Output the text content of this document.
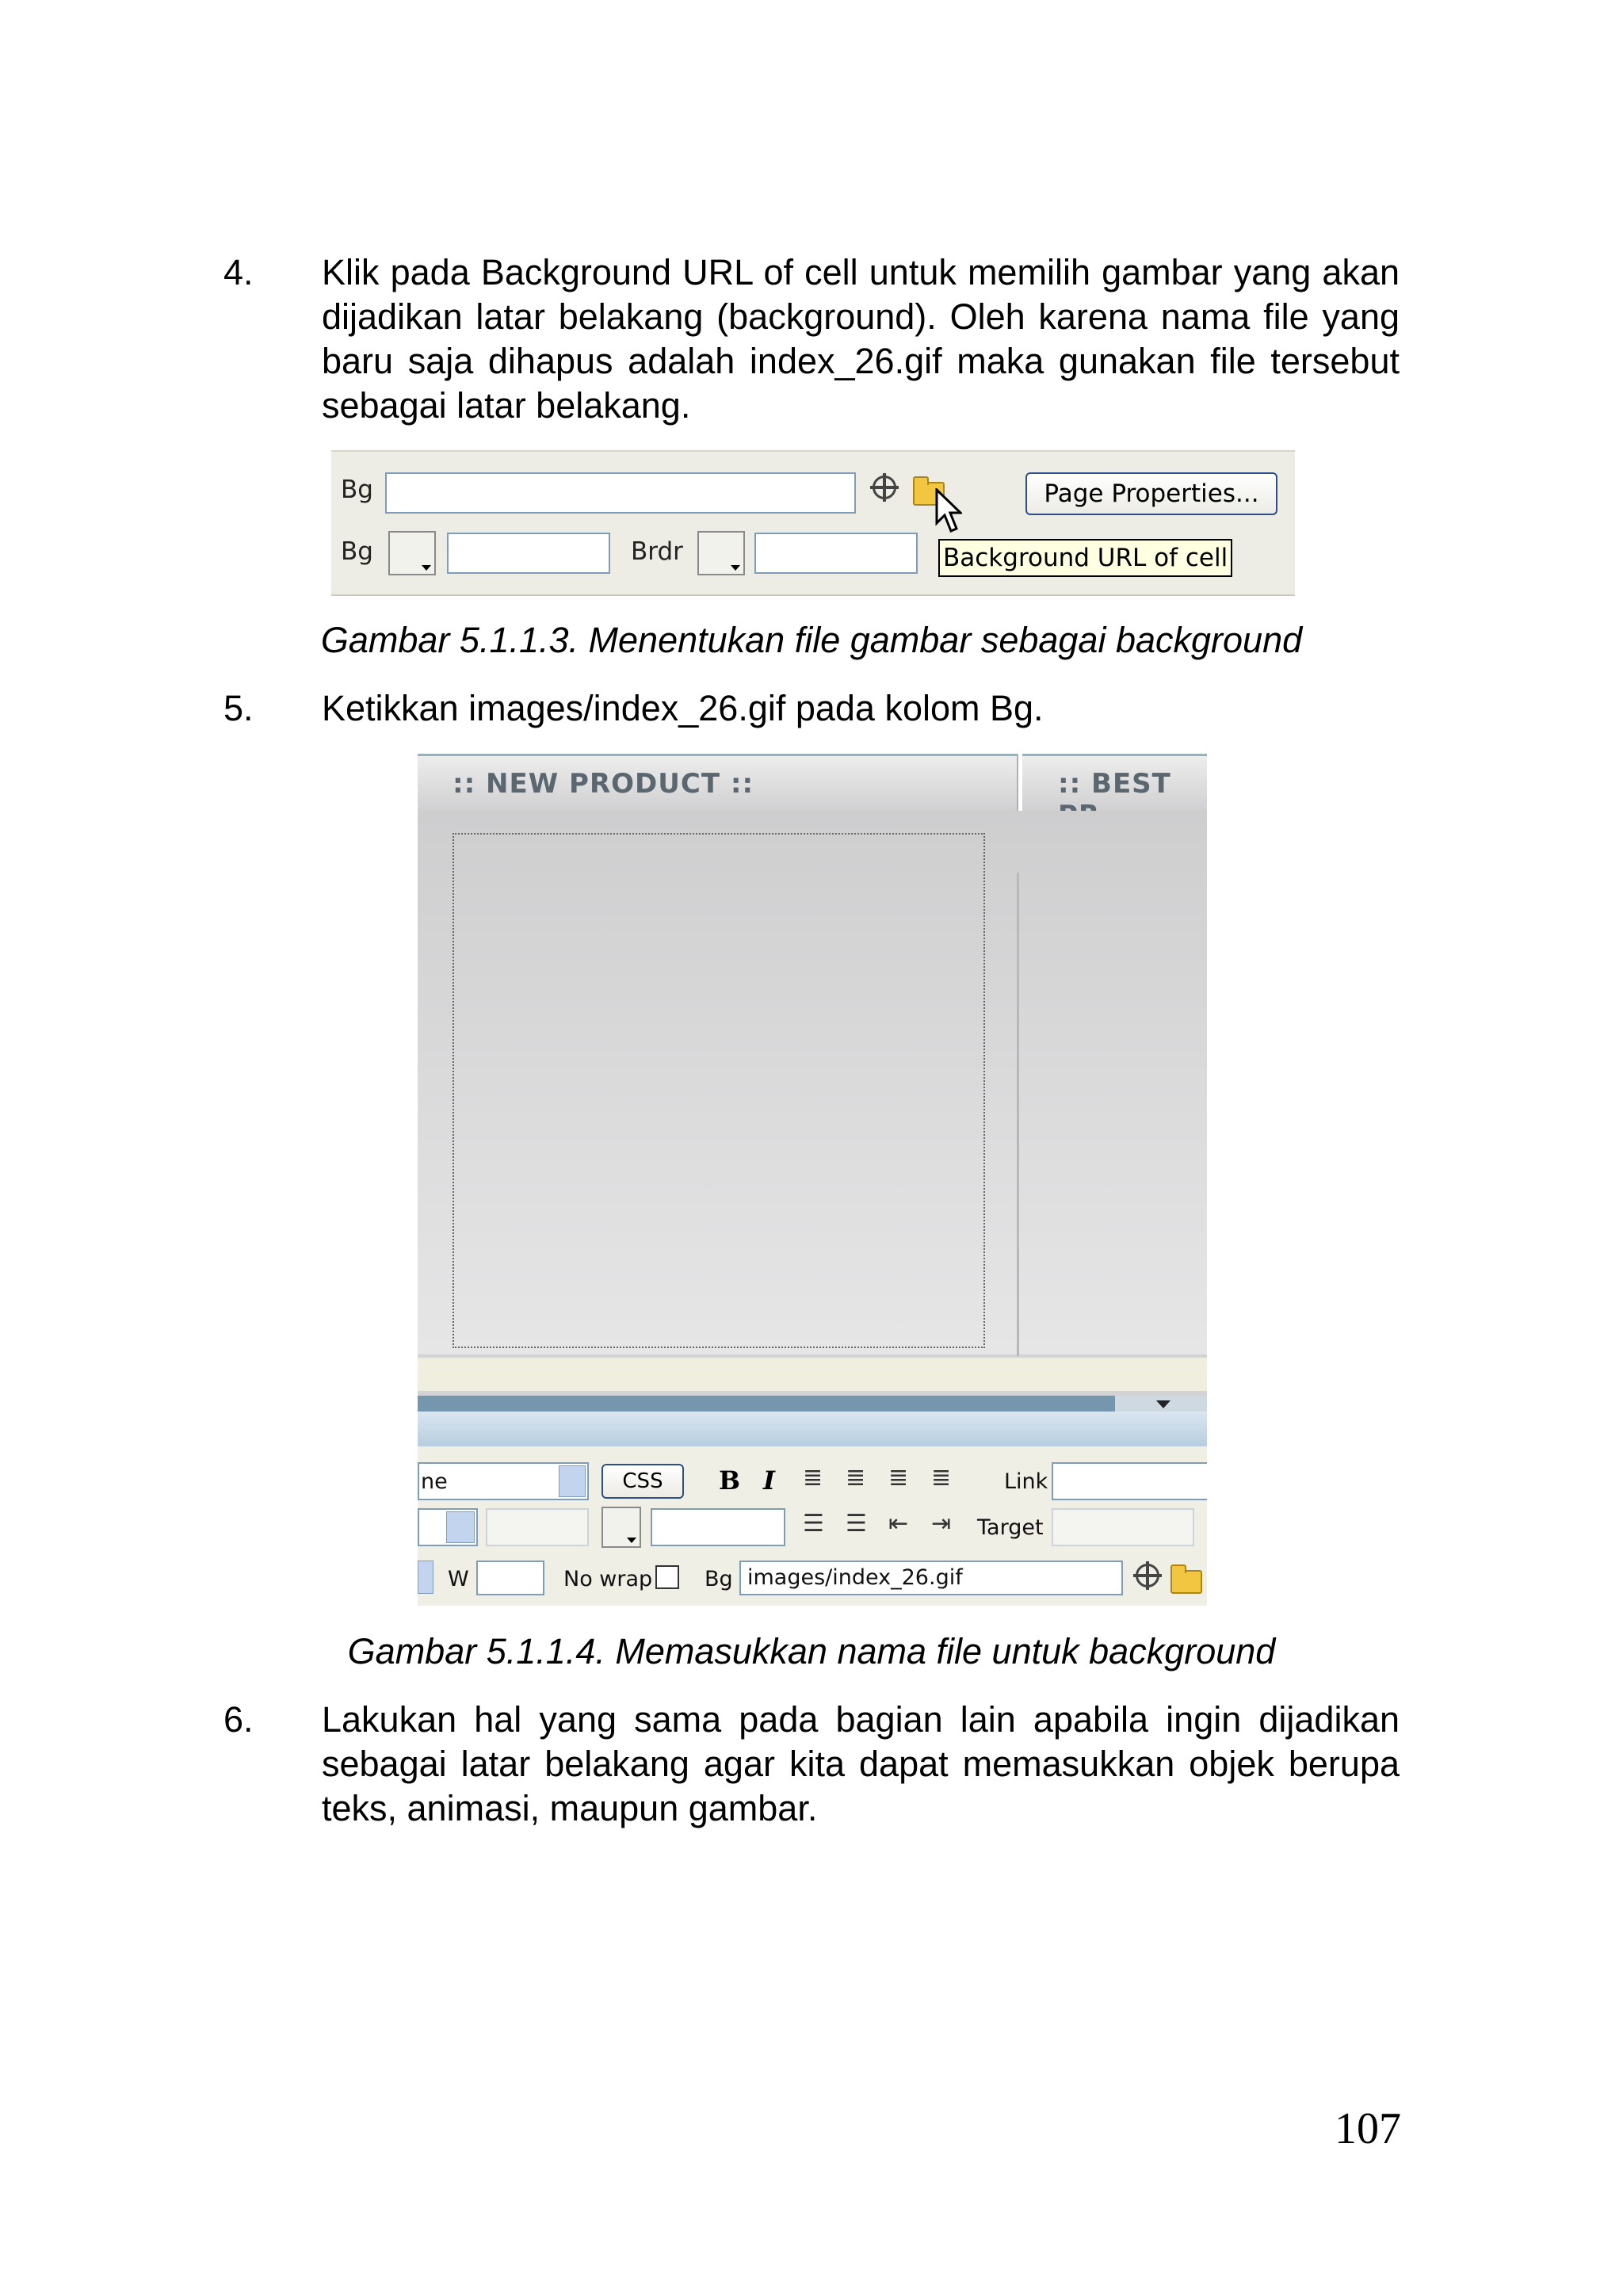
4. Klik pada Background URL of cell untuk memilih gambar yang akan dijadikan latar belakang (background). Oleh karena nama file yang baru saja dihapus adalah index_26.gif maka gunakan file tersebut sebagai latar belakang.
Bg	Page Properties...
Bg	Brdr	Background URL of cell
Gambar 5.1.1.3. Menentukan file gambar sebagai background
5. Ketikkan images/index_26.gif pada kolom Bg.
:: NEW PRODUCT ::	:: BEST
ne	CSS	B I ≣ ≣ ≣ ≣ Link
☰ ☰ ⇤ ⇥ Target
W	No wrap Bg images/index_26.gif
Gambar 5.1.1.4. Memasukkan nama file untuk background
6. Lakukan hal yang sama pada bagian lain apabila ingin dijadikan sebagai latar belakang agar kita dapat memasukkan objek berupa teks, animasi, maupun gambar.
107
